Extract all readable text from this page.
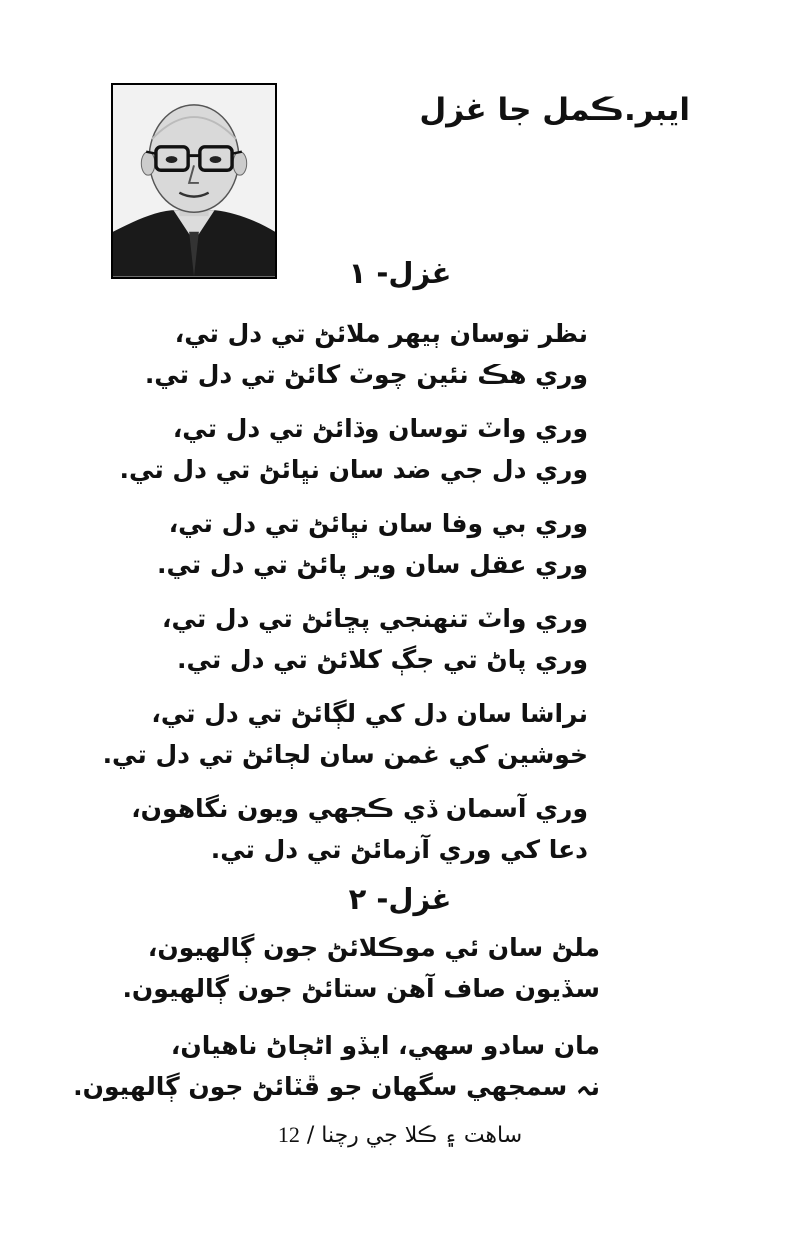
ايبر.ڪمل جا غزل
غزل- ١
نظر توسان ٻيھر ملائڻ تي دل تي،
وري ھڪ نئين چوٽ کائڻ تي دل تي.
وري واٽ توسان وڌائڻ تي دل تي،
وري دل جي ضد سان نڀائڻ تي دل تي.
وري بي وفا سان نڀائڻ تي دل تي،
وري عقل سان وير پائڻ تي دل تي.
وري واٽ تنھنجي پڇائڻ تي دل تي،
وري پاڻ تي جڳ کلائڻ تي دل تي.
نراشا سان دل کي لڳائڻ تي دل تي،
خوشين کي غمن سان لڄائڻ تي دل تي.
وري آسمان ڏي ڪجهي ويون نگاھون،
دعا کي وري آزمائڻ تي دل تي.
غزل- ٢
ملڻ سان ئي موڪلائڻ جون ڳالھيون،
سڏيون صاف آھن ستائڻ جون ڳالھيون.
مان سادو سهي، ايڏو اڻڄاڻ ناھيان،
نہ سمجھي سگھان جو ڦٽائڻ جون ڳالھيون.
ساھت ۽ ڪلا جي رچنا / 12
